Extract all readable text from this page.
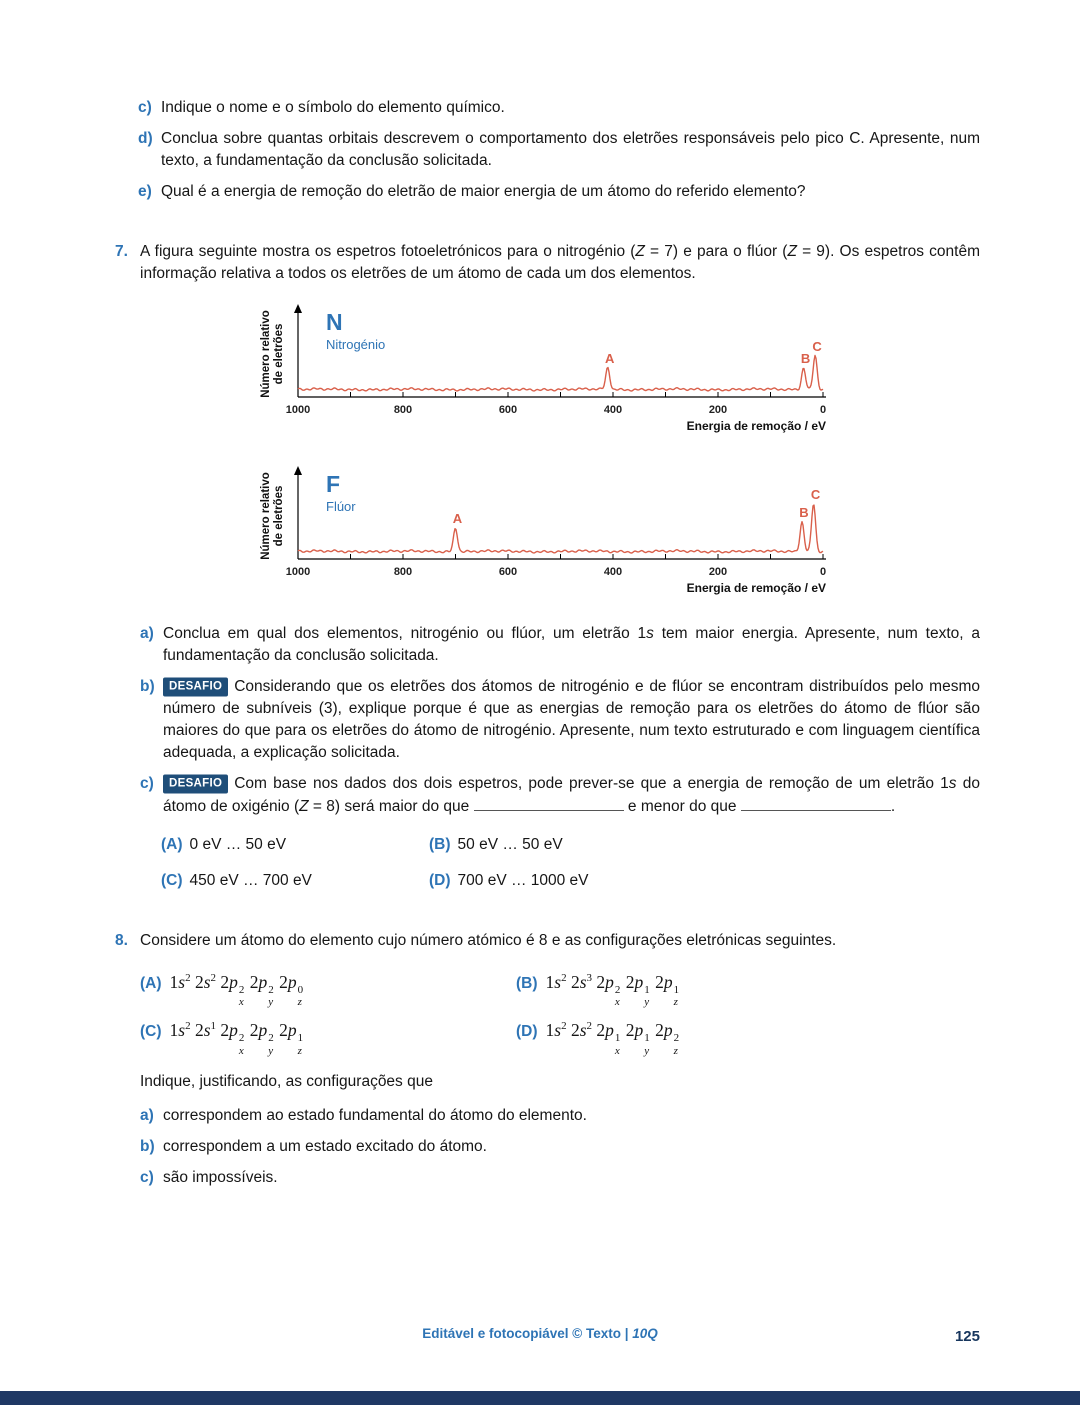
c) Indique o nome e o símbolo do elemento químico.
d) Conclua sobre quantas orbitais descrevem o comportamento dos eletrões responsáveis pelo pico C. Apresente, num texto, a fundamentação da conclusão solicitada.
e) Qual é a energia de remoção do eletrão de maior energia de um átomo do referido elemento?
7. A figura seguinte mostra os espetros fotoeletrónicos para o nitrogénio (Z = 7) e para o flúor (Z = 9). Os espetros contêm informação relativa a todos os eletrões de um átomo de cada um dos elementos.

1000	800	600	400	200	0
Energia de remoção / eV
Número relativo de eletrões
N
Nitrogénio
A	B
C
1000	800	600	400	200	0
Energia de remoção / eV
Número relativo de eletrões
F
Flúor
A	B
C
a) Conclua em qual dos elementos, nitrogénio ou flúor, um eletrão 1s tem maior energia. Apresente, num texto, a fundamentação da conclusão solicitada.
b)	DESAFIO Considerando que os eletrões dos átomos de nitrogénio e de flúor se encontram distribuídos pelo mesmo número de subníveis (3), explique porque é que as energias de remoção para os eletrões do átomo de flúor são maiores do que para os eletrões do átomo de nitrogénio. Apresente, num texto estruturado e com linguagem científica adequada, a explicação solicitada.
c)	DESAFIO Com base nos dados dos dois espetros, pode prever-se que a energia de remoção de um eletrão 1s do átomo de oxigénio (Z = 8) será maior do que	e menor do que	.
(A) 0 eV … 50 eV	(B) 50 eV … 50 eV
(C) 450 eV … 700 eV	(D) 700 eV … 1000 eV
8. Considere um átomo do elemento cujo número atómico é 8 e as configurações eletrónicas seguintes.

(A) $1s^2$ $2s^2$ 2p 2
x
2p 2
y
2p 0
z
(B) $1s^2$ $2s^3$ 2p 2
x
2p 1
y
2p 1
z
(C) $1s^2$ $2s^1$ 2p 2
x
2p 2
y
2p 1
z
(D) $1s^2$ $2s^2$ 2p 1
x
2p 1
y
2p 2
z

Indique, justificando, as configurações que

a) correspondem ao estado fundamental do átomo do elemento.
b) correspondem a um estado excitado do átomo.
c) são impossíveis.
Editável e fotocopiável © Texto | 10Q	125
